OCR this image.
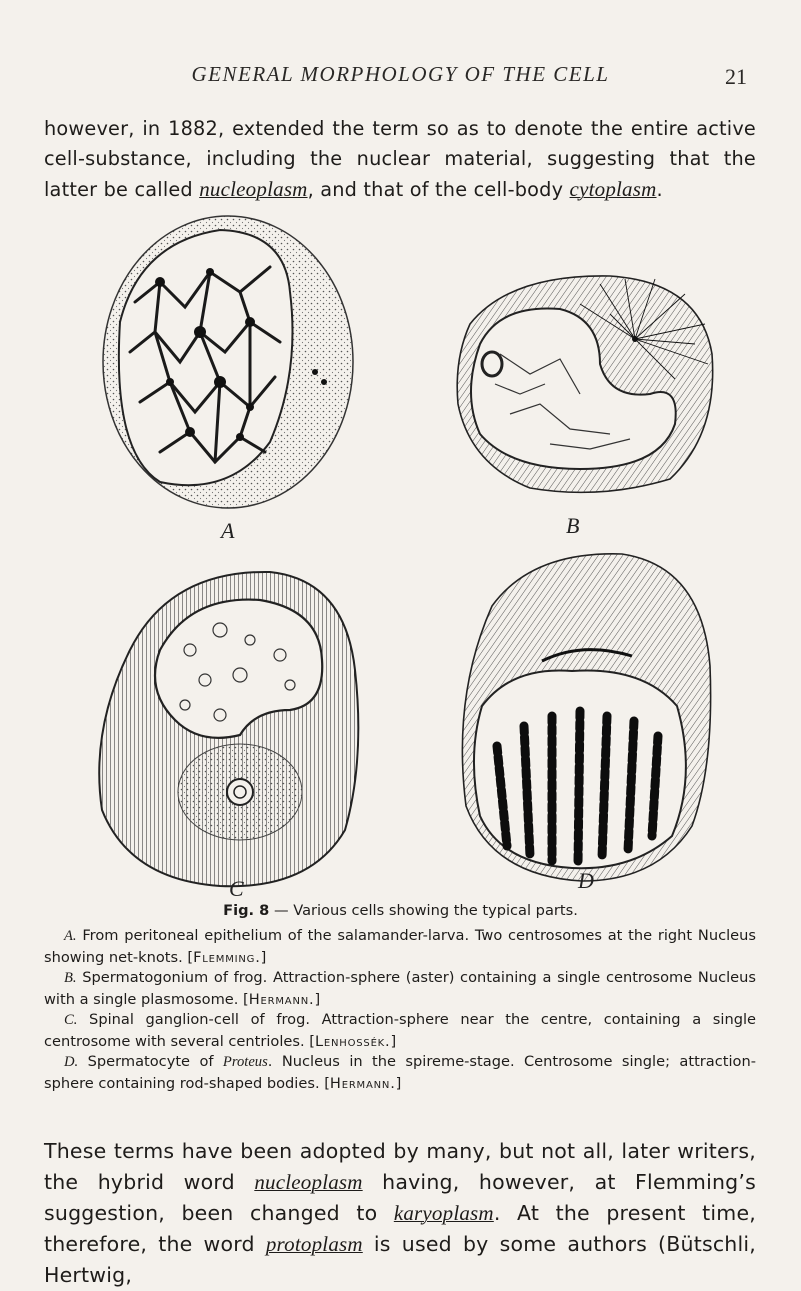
GENERAL MORPHOLOGY OF THE CELL	21

however, in 1882, extended the term so as to denote the entire active cell-substance, including the nuclear material, suggesting that the latter be called nucleoplasm, and that of the cell-body cytoplasm.

A	B
C	D
Fig. 8 — Various cells showing the typical parts.

A. From peritoneal epithelium of the salamander-larva. Two centrosomes at the right Nucleus showing net-knots. [Flemming.]

B. Spermatogonium of frog. Attraction-sphere (aster) containing a single centrosome Nucleus with a single plasmosome. [Hermann.]

C. Spinal ganglion-cell of frog. Attraction-sphere near the centre, containing a single centrosome with several centrioles. [Lenhossék.]

D. Spermatocyte of Proteus. Nucleus in the spireme-stage. Centrosome single; attraction-sphere containing rod-shaped bodies. [Hermann.]

These terms have been adopted by many, but not all, later writers, the hybrid word nucleoplasm having, however, at Flemming’s suggestion, been changed to karyoplasm. At the present time, therefore, the word protoplasm is used by some authors (Bütschli, Hertwig,
